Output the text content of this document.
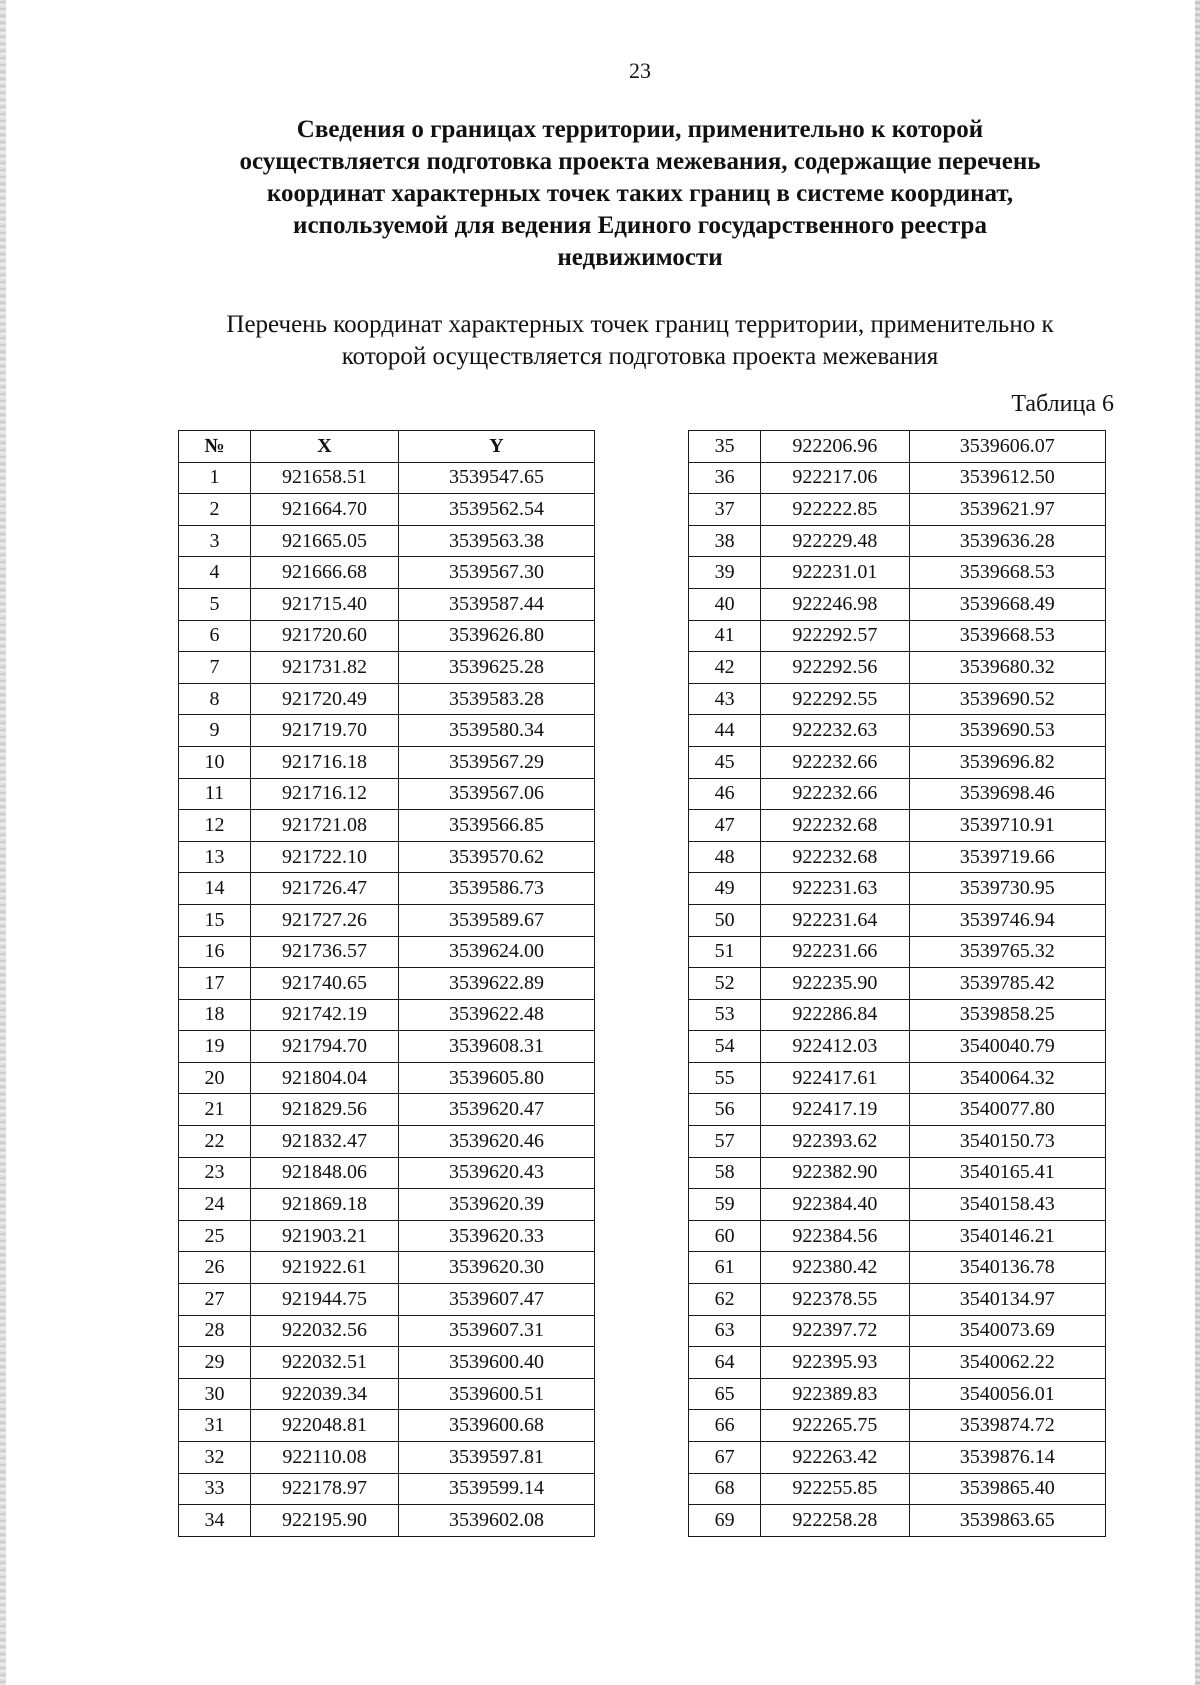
23
Сведения о границах территории, применительно к которой
осуществляется подготовка проекта межевания, содержащие перечень
координат характерных точек таких границ в системе координат,
используемой для ведения Единого государственного реестра
недвижимости
Перечень координат характерных точек границ территории, применительно к
которой осуществляется подготовка проекта межевания
Таблица 6
№	X	Y
1	921658.51	3539547.65
2	921664.70	3539562.54
3	921665.05	3539563.38
4	921666.68	3539567.30
5	921715.40	3539587.44
6	921720.60	3539626.80
7	921731.82	3539625.28
8	921720.49	3539583.28
9	921719.70	3539580.34
10	921716.18	3539567.29
11	921716.12	3539567.06
12	921721.08	3539566.85
13	921722.10	3539570.62
14	921726.47	3539586.73
15	921727.26	3539589.67
16	921736.57	3539624.00
17	921740.65	3539622.89
18	921742.19	3539622.48
19	921794.70	3539608.31
20	921804.04	3539605.80
21	921829.56	3539620.47
22	921832.47	3539620.46
23	921848.06	3539620.43
24	921869.18	3539620.39
25	921903.21	3539620.33
26	921922.61	3539620.30
27	921944.75	3539607.47
28	922032.56	3539607.31
29	922032.51	3539600.40
30	922039.34	3539600.51
31	922048.81	3539600.68
32	922110.08	3539597.81
33	922178.97	3539599.14
34	922195.90	3539602.08
35	922206.96	3539606.07
36	922217.06	3539612.50
37	922222.85	3539621.97
38	922229.48	3539636.28
39	922231.01	3539668.53
40	922246.98	3539668.49
41	922292.57	3539668.53
42	922292.56	3539680.32
43	922292.55	3539690.52
44	922232.63	3539690.53
45	922232.66	3539696.82
46	922232.66	3539698.46
47	922232.68	3539710.91
48	922232.68	3539719.66
49	922231.63	3539730.95
50	922231.64	3539746.94
51	922231.66	3539765.32
52	922235.90	3539785.42
53	922286.84	3539858.25
54	922412.03	3540040.79
55	922417.61	3540064.32
56	922417.19	3540077.80
57	922393.62	3540150.73
58	922382.90	3540165.41
59	922384.40	3540158.43
60	922384.56	3540146.21
61	922380.42	3540136.78
62	922378.55	3540134.97
63	922397.72	3540073.69
64	922395.93	3540062.22
65	922389.83	3540056.01
66	922265.75	3539874.72
67	922263.42	3539876.14
68	922255.85	3539865.40
69	922258.28	3539863.65
